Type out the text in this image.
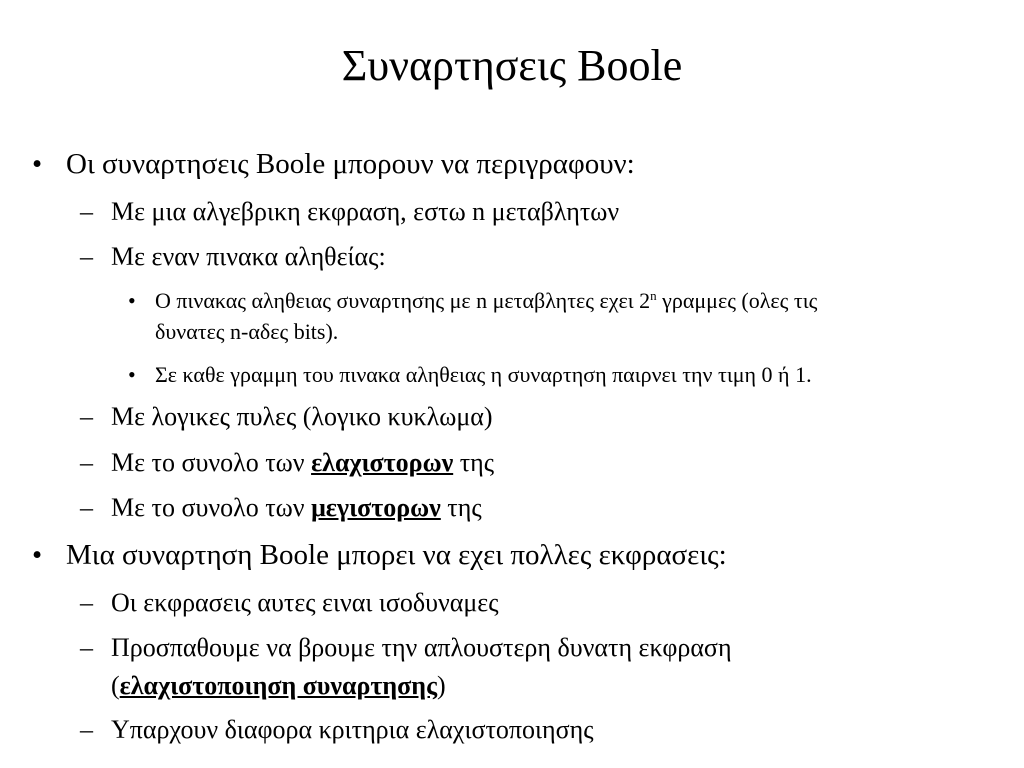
Συναρτησεις Boole
• Οι συναρτησεις Boole μπορουν να περιγραφουν:
– Με μια αλγεβρικη εκφραση, εστω n μεταβλητων
– Με εναν πινακα αληθείας:
• Ο πινακας αληθειας συναρτησης με n μεταβλητες εχει 2$^n$ γραμμες (ολες τις
δυνατες n-αδες bits).
• Σε καθε γραμμη του πινακα αληθειας η συναρτηση παιρνει την τιμη 0 ή 1.
– Με λογικες πυλες (λογικο κυκλωμα)
– Με το συνολο των ελαχιστορων της
– Με το συνολο των μεγιστορων της
• Μια συναρτηση Boole μπορει να εχει πολλες εκφρασεις:
– Οι εκφρασεις αυτες ειναι ισοδυναμες
– Προσπαθουμε να βρουμε την απλουστερη δυνατη εκφραση
(ελαχιστοποιηση συναρτησης)
– Υπαρχουν διαφορα κριτηρια ελαχιστοποιησης
